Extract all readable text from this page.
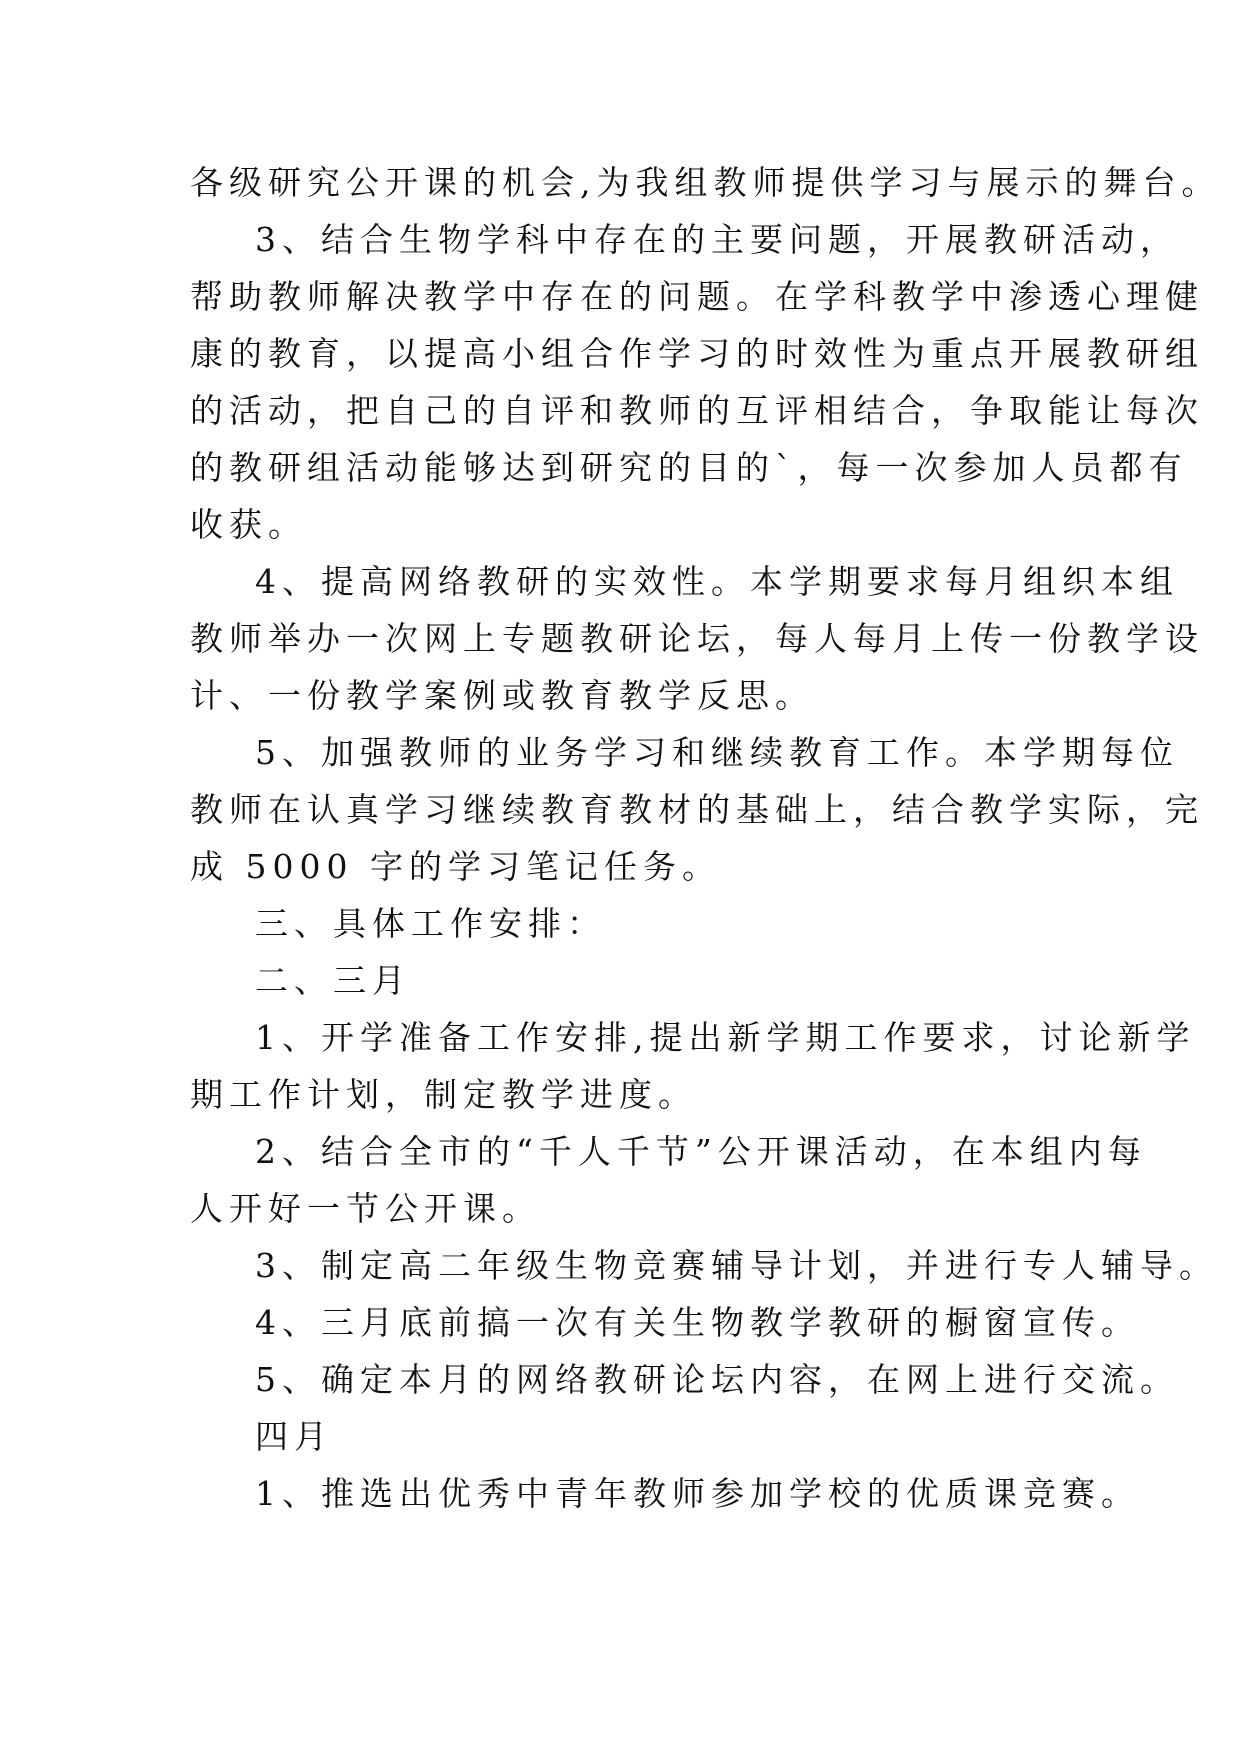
各级研究公开课的机会,为我组教师提供学习与展示的舞台。
3、结合生物学科中存在的主要问题，开展教研活动，
帮助教师解决教学中存在的问题。在学科教学中渗透心理健
康的教育，以提高小组合作学习的时效性为重点开展教研组
的活动，把自己的自评和教师的互评相结合，争取能让每次
的教研组活动能够达到研究的目的`，每一次参加人员都有
收获。
4、提高网络教研的实效性。本学期要求每月组织本组
教师举办一次网上专题教研论坛，每人每月上传一份教学设
计、一份教学案例或教育教学反思。
5、加强教师的业务学习和继续教育工作。本学期每位
教师在认真学习继续教育教材的基础上，结合教学实际，完
成 5000 字的学习笔记任务。
三、具体工作安排：
二、三月
1、开学准备工作安排,提出新学期工作要求，讨论新学
期工作计划，制定教学进度。
2、结合全市的“千人千节”公开课活动，在本组内每
人开好一节公开课。
3、制定高二年级生物竞赛辅导计划，并进行专人辅导。
4、三月底前搞一次有关生物教学教研的橱窗宣传。
5、确定本月的网络教研论坛内容，在网上进行交流。
四月
1、推选出优秀中青年教师参加学校的优质课竞赛。
